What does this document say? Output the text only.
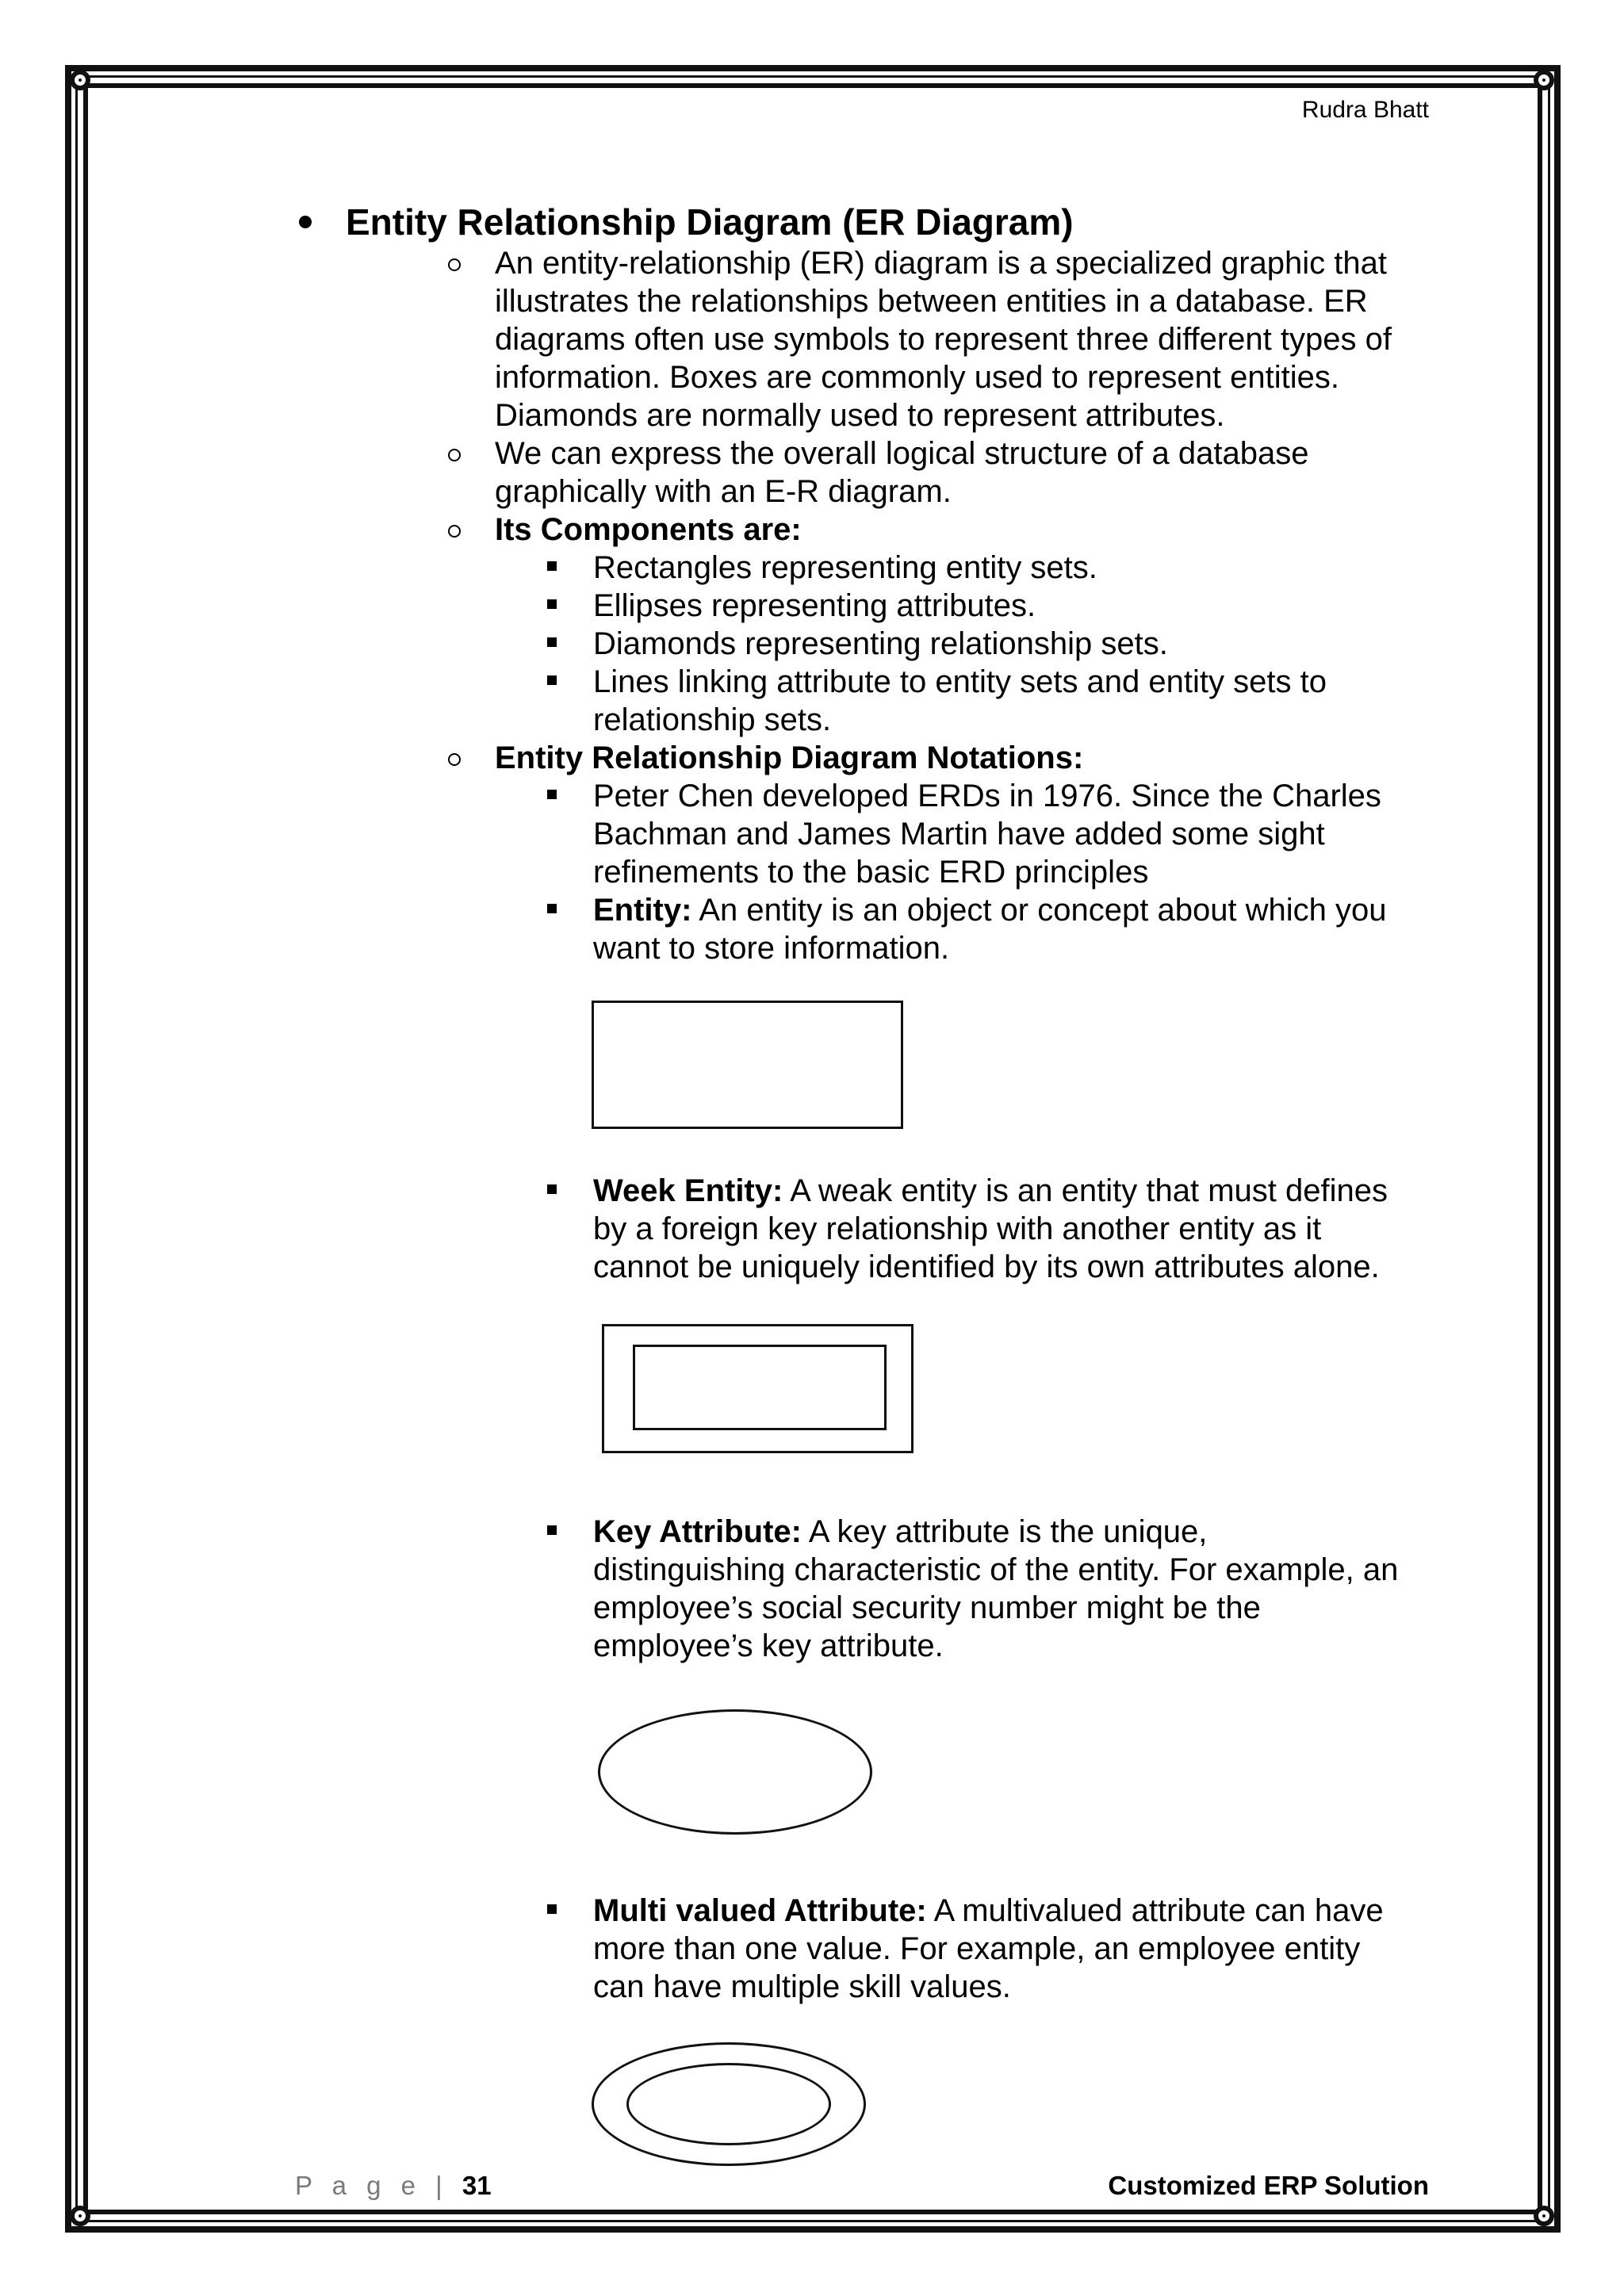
Rudra Bhatt
Entity Relationship Diagram (ER Diagram)
An entity-relationship (ER) diagram is a specialized graphic that
illustrates the relationships between entities in a database. ER
diagrams often use symbols to represent three different types of
information. Boxes are commonly used to represent entities.
Diamonds are normally used to represent attributes.
We can express the overall logical structure of a database
graphically with an E-R diagram.
Its Components are:
Rectangles representing entity sets.
Ellipses representing attributes.
Diamonds representing relationship sets.
Lines linking attribute to entity sets and entity sets to
relationship sets.
Entity Relationship Diagram Notations:
Peter Chen developed ERDs in 1976. Since the Charles
Bachman and James Martin have added some sight
refinements to the basic ERD principles
Entity: An entity is an object or concept about which you
want to store information.
Week Entity: A weak entity is an entity that must defines
by a foreign key relationship with another entity as it
cannot be uniquely identified by its own attributes alone.
Key Attribute: A key attribute is the unique,
distinguishing characteristic of the entity. For example, an
employee’s social security number might be the
employee’s key attribute.
Multi valued Attribute: A multivalued attribute can have
more than one value. For example, an employee entity
can have multiple skill values.
P a g e | 31	Customized ERP Solution
